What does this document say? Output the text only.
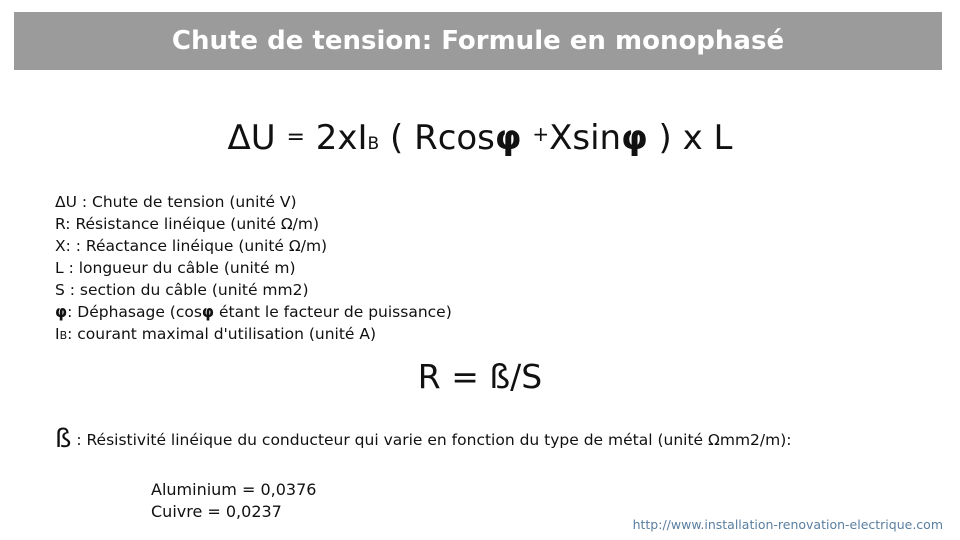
Chute de tension: Formule en monophasé
ΔU = 2xIB ( Rcosφ +Xsinφ ) x L
ΔU : Chute de tension (unité V)
R: Résistance linéique (unité Ω/m)
X: : Réactance linéique (unité Ω/m)
L : longueur du câble (unité m)
S : section du câble (unité mm2)
φ: Déphasage (cosφ étant le facteur de puissance)
IB: courant maximal d'utilisation (unité A)
R = ß/S
ß : Résistivité linéique du conducteur qui varie en fonction du type de métal (unité Ωmm2/m):
Aluminium = 0,0376
Cuivre = 0,0237
http://www.installation-renovation-electrique.com
